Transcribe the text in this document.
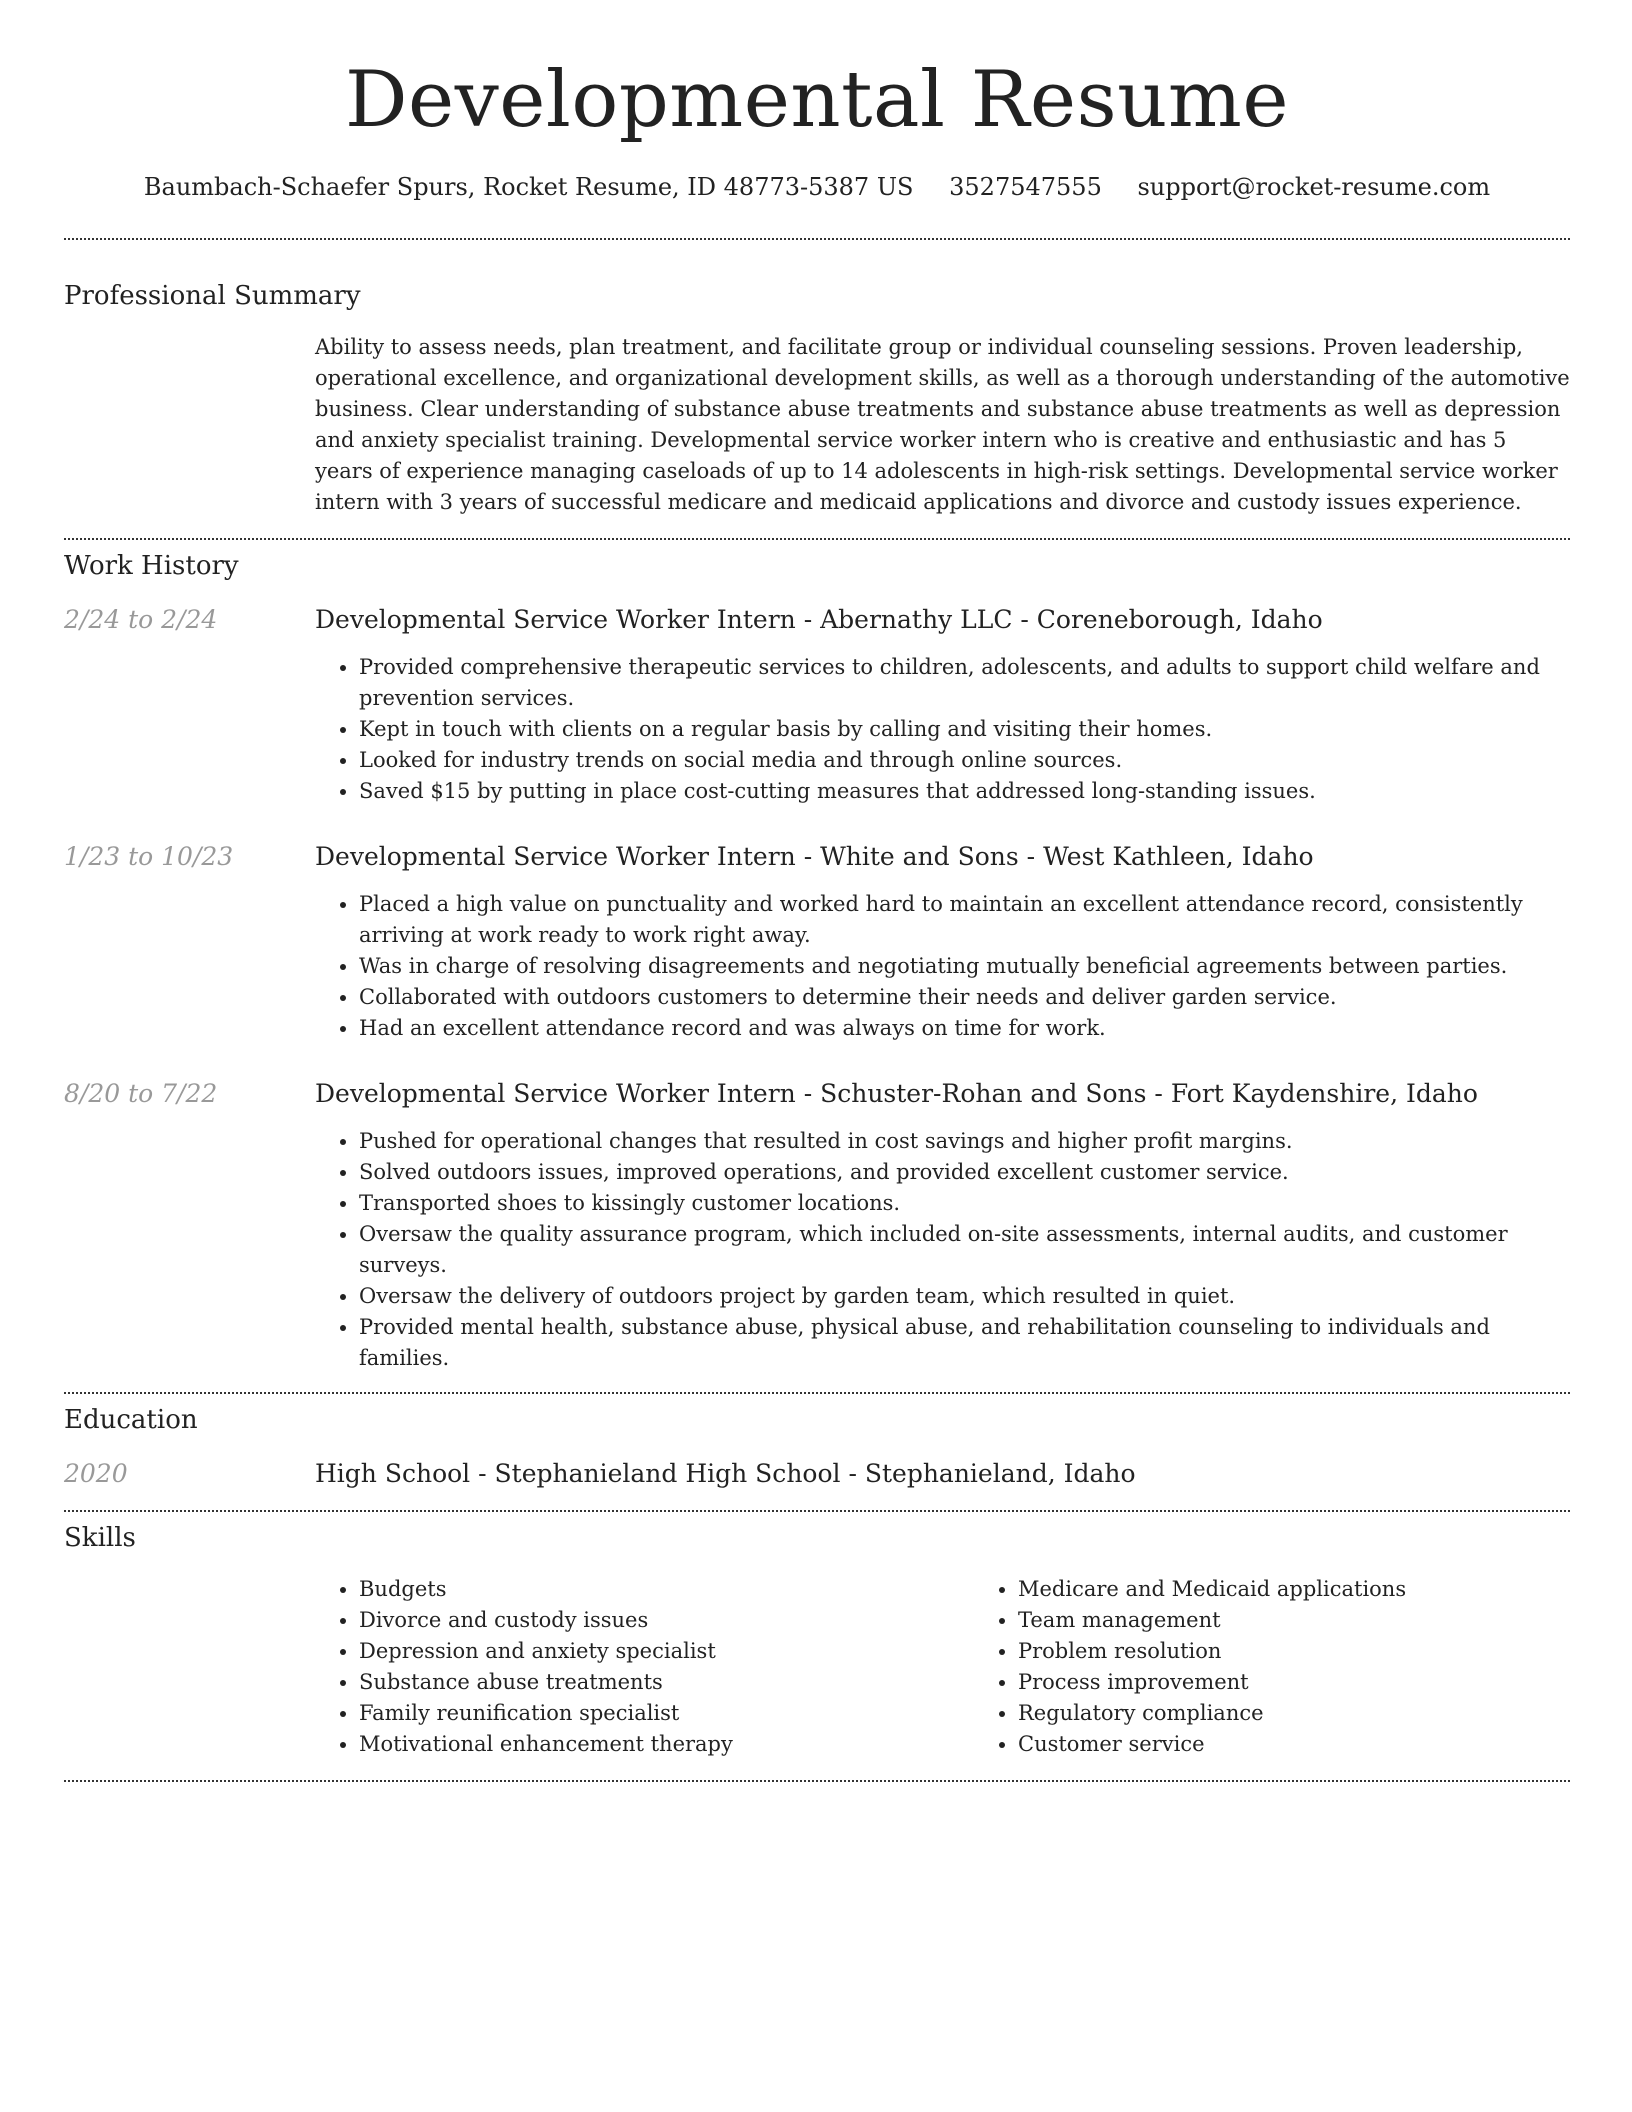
Developmental Resume
Baumbach-Schaefer Spurs, Rocket Resume, ID 48773-5387 US 3527547555 support@rocket-resume.com
Professional Summary

Ability to assess needs, plan treatment, and facilitate group or individual counseling sessions. Proven leadership, operational excellence, and organizational development skills, as well as a thorough understanding of the automotive business. Clear understanding of substance abuse treatments and substance abuse treatments as well as depression and anxiety specialist training. Developmental service worker intern who is creative and enthusiastic and has 5 years of experience managing caseloads of up to 14 adolescents in high-risk settings. Developmental service worker intern with 3 years of successful medicare and medicaid applications and divorce and custody issues experience.

Work History
2/24 to 2/24	Developmental Service Worker Intern - Abernathy LLC - Coreneborough, Idaho

• Provided comprehensive therapeutic services to children, adolescents, and adults to support child welfare and prevention services.
• Kept in touch with clients on a regular basis by calling and visiting their homes.
• Looked for industry trends on social media and through online sources.
• Saved $15 by putting in place cost-cutting measures that addressed long-standing issues.
1/23 to 10/23	Developmental Service Worker Intern - White and Sons - West Kathleen, Idaho

• Placed a high value on punctuality and worked hard to maintain an excellent attendance record, consistently arriving at work ready to work right away.
• Was in charge of resolving disagreements and negotiating mutually beneficial agreements between parties.
• Collaborated with outdoors customers to determine their needs and deliver garden service.
• Had an excellent attendance record and was always on time for work.
8/20 to 7/22	Developmental Service Worker Intern - Schuster-Rohan and Sons - Fort Kaydenshire, Idaho

• Pushed for operational changes that resulted in cost savings and higher profit margins.
• Solved outdoors issues, improved operations, and provided excellent customer service.
• Transported shoes to kissingly customer locations.
• Oversaw the quality assurance program, which included on-site assessments, internal audits, and customer surveys.
• Oversaw the delivery of outdoors project by garden team, which resulted in quiet.
• Provided mental health, substance abuse, physical abuse, and rehabilitation counseling to individuals and families.
Education
2020	High School - Stephanieland High School - Stephanieland, Idaho

Skills
• Budgets
• Divorce and custody issues
• Depression and anxiety specialist
• Substance abuse treatments
• Family reunification specialist
• Motivational enhancement therapy
• Medicare and Medicaid applications
• Team management
• Problem resolution
• Process improvement
• Regulatory compliance
• Customer service
